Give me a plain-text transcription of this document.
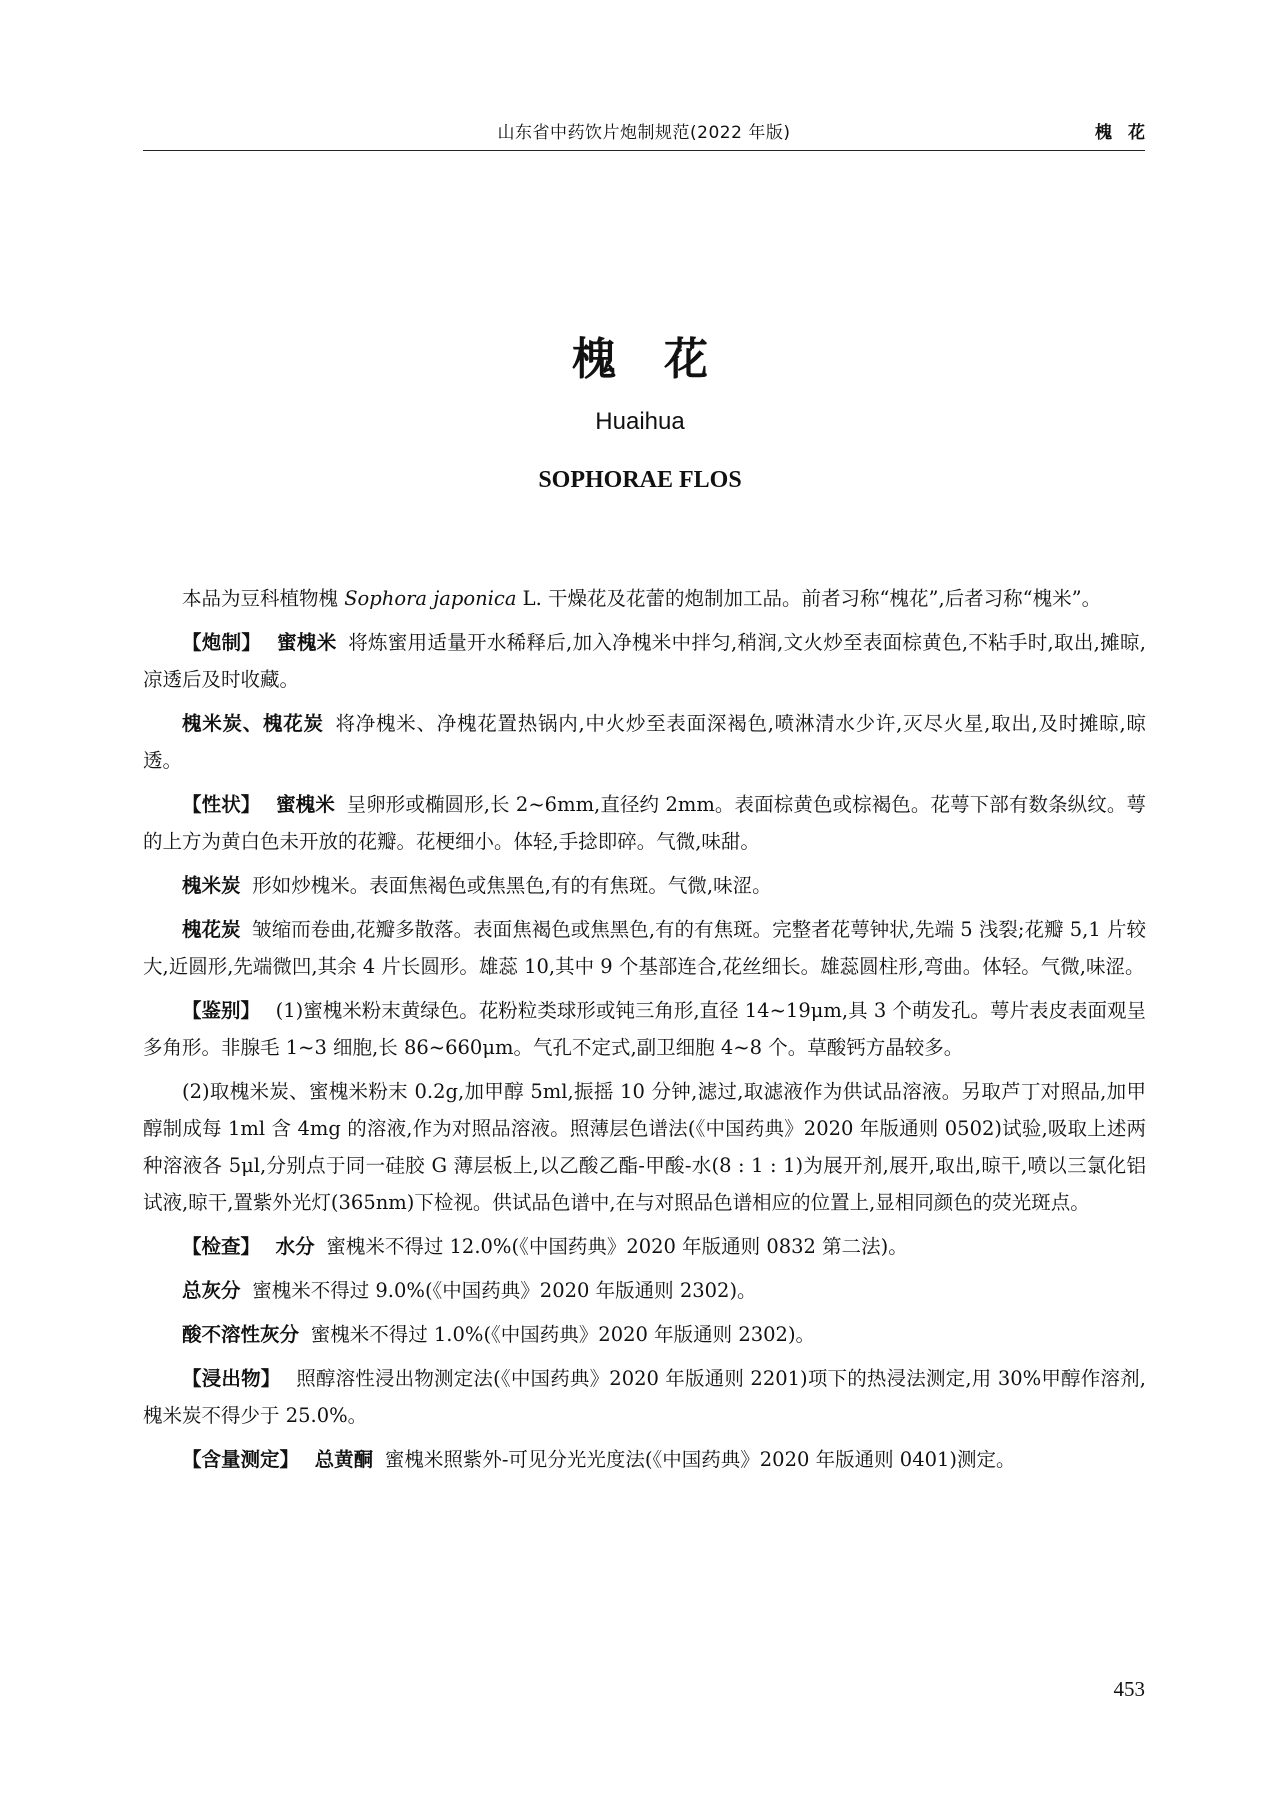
山东省中药饮片炮制规范(2022 年版)	槐花
槐花
Huaihua
SOPHORAE FLOS

本品为豆科植物槐 Sophora japonica L. 干燥花及花蕾的炮制加工品。前者习称“槐花”,后者习称“槐米”。

【炮制】 蜜槐米 将炼蜜用适量开水稀释后,加入净槐米中拌匀,稍润,文火炒至表面棕黄色,不粘手时,取出,摊晾,凉透后及时收藏。

槐米炭、槐花炭 将净槐米、净槐花置热锅内,中火炒至表面深褐色,喷淋清水少许,灭尽火星,取出,及时摊晾,晾透。

【性状】 蜜槐米 呈卵形或椭圆形,长 2~6mm,直径约 2mm。表面棕黄色或棕褐色。花萼下部有数条纵纹。萼的上方为黄白色未开放的花瓣。花梗细小。体轻,手捻即碎。气微,味甜。

槐米炭 形如炒槐米。表面焦褐色或焦黑色,有的有焦斑。气微,味涩。

槐花炭 皱缩而卷曲,花瓣多散落。表面焦褐色或焦黑色,有的有焦斑。完整者花萼钟状,先端 5 浅裂;花瓣 5,1 片较大,近圆形,先端微凹,其余 4 片长圆形。雄蕊 10,其中 9 个基部连合,花丝细长。雄蕊圆柱形,弯曲。体轻。气微,味涩。

【鉴别】 (1)蜜槐米粉末黄绿色。花粉粒类球形或钝三角形,直径 14~19μm,具 3 个萌发孔。萼片表皮表面观呈多角形。非腺毛 1~3 细胞,长 86~660μm。气孔不定式,副卫细胞 4~8 个。草酸钙方晶较多。

(2)取槐米炭、蜜槐米粉末 0.2g,加甲醇 5ml,振摇 10 分钟,滤过,取滤液作为供试品溶液。另取芦丁对照品,加甲醇制成每 1ml 含 4mg 的溶液,作为对照品溶液。照薄层色谱法(《中国药典》2020 年版通则 0502)试验,吸取上述两种溶液各 5μl,分别点于同一硅胶 G 薄层板上,以乙酸乙酯-甲酸-水(8 : 1 : 1)为展开剂,展开,取出,晾干,喷以三氯化铝试液,晾干,置紫外光灯(365nm)下检视。供试品色谱中,在与对照品色谱相应的位置上,显相同颜色的荧光斑点。

【检查】 水分 蜜槐米不得过 12.0%(《中国药典》2020 年版通则 0832 第二法)。

总灰分 蜜槐米不得过 9.0%(《中国药典》2020 年版通则 2302)。

酸不溶性灰分 蜜槐米不得过 1.0%(《中国药典》2020 年版通则 2302)。

【浸出物】 照醇溶性浸出物测定法(《中国药典》2020 年版通则 2201)项下的热浸法测定,用 30%甲醇作溶剂,槐米炭不得少于 25.0%。

【含量测定】 总黄酮 蜜槐米照紫外-可见分光光度法(《中国药典》2020 年版通则 0401)测定。

453
